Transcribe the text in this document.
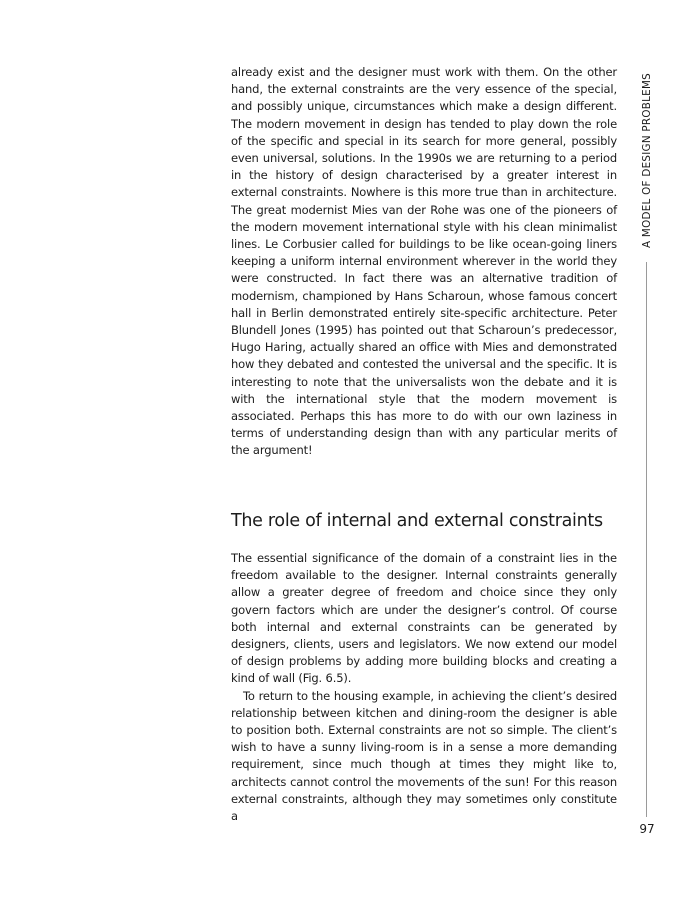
already exist and the designer must work with them. On the other hand, the external constraints are the very essence of the special, and possibly unique, circumstances which make a design different. The modern movement in design has tended to play down the role of the specific and special in its search for more general, possibly even universal, solutions. In the 1990s we are returning to a period in the history of design characterised by a greater interest in external constraints. Nowhere is this more true than in architecture. The great modernist Mies van der Rohe was one of the pioneers of the modern movement international style with his clean minimalist lines. Le Corbusier called for buildings to be like ocean-going liners keeping a uniform internal environment wherever in the world they were constructed. In fact there was an alternative tradition of modernism, championed by Hans Scharoun, whose famous concert hall in Berlin demonstrated entirely site-specific architecture. Peter Blundell Jones (1995) has pointed out that Scharoun’s predecessor, Hugo Haring, actually shared an office with Mies and demonstrated how they debated and contested the universal and the specific. It is interesting to note that the universalists won the debate and it is with the international style that the modern movement is associated. Perhaps this has more to do with our own laziness in terms of understanding design than with any particular merits of the argument!

The role of internal and external constraints

The essential significance of the domain of a constraint lies in the freedom available to the designer. Internal constraints generally allow a greater degree of freedom and choice since they only govern factors which are under the designer’s control. Of course both internal and external constraints can be generated by designers, clients, users and legislators. We now extend our model of design problems by adding more building blocks and creating a kind of wall (Fig. 6.5).

To return to the housing example, in achieving the client’s desired relationship between kitchen and dining-room the designer is able to position both. External constraints are not so simple. The client’s wish to have a sunny living-room is in a sense a more demanding requirement, since much though at times they might like to, architects cannot control the movements of the sun! For this reason external constraints, although they may sometimes only constitute a

A MODEL OF DESIGN PROBLEMS
97
